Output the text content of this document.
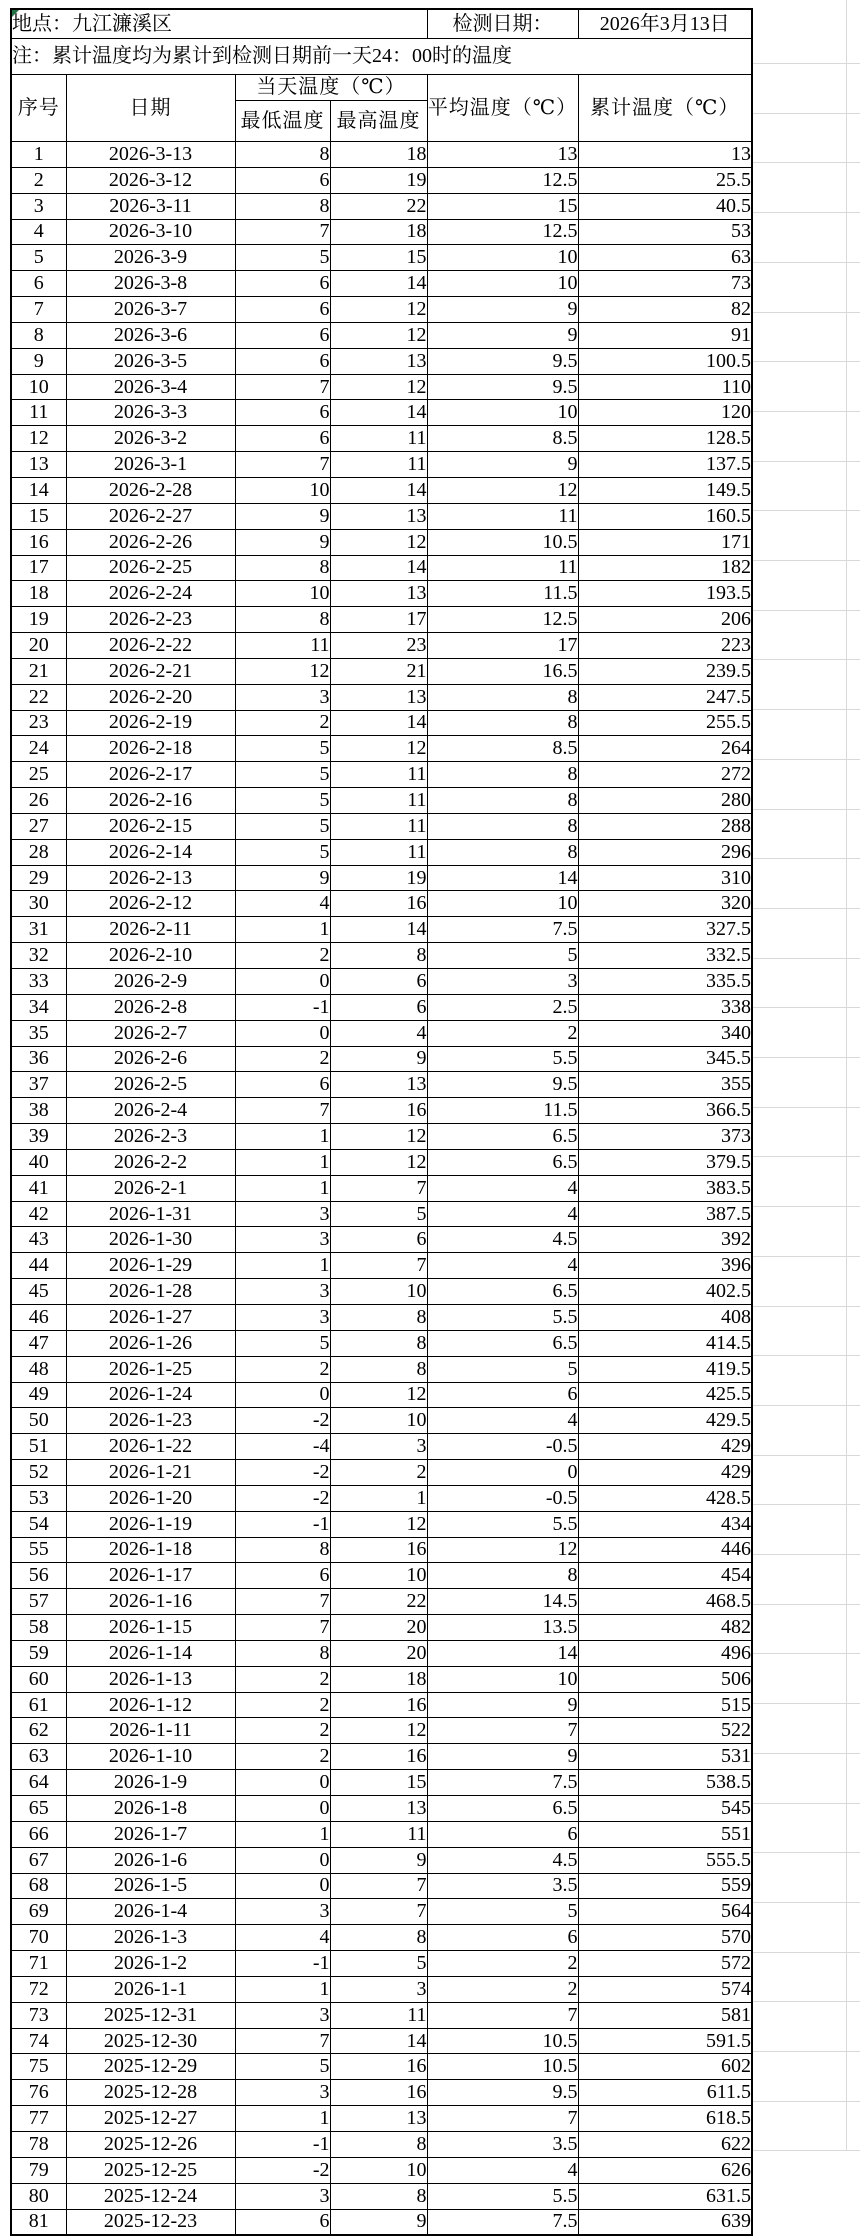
地点：九江濂溪区				检测日期：	2026年3月13日
注：累计温度均为累计到检测日期前一天24：00时的温度					
序号	日期	当天温度（℃）		平均温度（℃）	累计温度（℃）
		最低温度	最高温度		
1	2026-3-13	8	18	13	13
2	2026-3-12	6	19	12.5	25.5
3	2026-3-11	8	22	15	40.5
4	2026-3-10	7	18	12.5	53
5	2026-3-9	5	15	10	63
6	2026-3-8	6	14	10	73
7	2026-3-7	6	12	9	82
8	2026-3-6	6	12	9	91
9	2026-3-5	6	13	9.5	100.5
10	2026-3-4	7	12	9.5	110
11	2026-3-3	6	14	10	120
12	2026-3-2	6	11	8.5	128.5
13	2026-3-1	7	11	9	137.5
14	2026-2-28	10	14	12	149.5
15	2026-2-27	9	13	11	160.5
16	2026-2-26	9	12	10.5	171
17	2026-2-25	8	14	11	182
18	2026-2-24	10	13	11.5	193.5
19	2026-2-23	8	17	12.5	206
20	2026-2-22	11	23	17	223
21	2026-2-21	12	21	16.5	239.5
22	2026-2-20	3	13	8	247.5
23	2026-2-19	2	14	8	255.5
24	2026-2-18	5	12	8.5	264
25	2026-2-17	5	11	8	272
26	2026-2-16	5	11	8	280
27	2026-2-15	5	11	8	288
28	2026-2-14	5	11	8	296
29	2026-2-13	9	19	14	310
30	2026-2-12	4	16	10	320
31	2026-2-11	1	14	7.5	327.5
32	2026-2-10	2	8	5	332.5
33	2026-2-9	0	6	3	335.5
34	2026-2-8	-1	6	2.5	338
35	2026-2-7	0	4	2	340
36	2026-2-6	2	9	5.5	345.5
37	2026-2-5	6	13	9.5	355
38	2026-2-4	7	16	11.5	366.5
39	2026-2-3	1	12	6.5	373
40	2026-2-2	1	12	6.5	379.5
41	2026-2-1	1	7	4	383.5
42	2026-1-31	3	5	4	387.5
43	2026-1-30	3	6	4.5	392
44	2026-1-29	1	7	4	396
45	2026-1-28	3	10	6.5	402.5
46	2026-1-27	3	8	5.5	408
47	2026-1-26	5	8	6.5	414.5
48	2026-1-25	2	8	5	419.5
49	2026-1-24	0	12	6	425.5
50	2026-1-23	-2	10	4	429.5
51	2026-1-22	-4	3	-0.5	429
52	2026-1-21	-2	2	0	429
53	2026-1-20	-2	1	-0.5	428.5
54	2026-1-19	-1	12	5.5	434
55	2026-1-18	8	16	12	446
56	2026-1-17	6	10	8	454
57	2026-1-16	7	22	14.5	468.5
58	2026-1-15	7	20	13.5	482
59	2026-1-14	8	20	14	496
60	2026-1-13	2	18	10	506
61	2026-1-12	2	16	9	515
62	2026-1-11	2	12	7	522
63	2026-1-10	2	16	9	531
64	2026-1-9	0	15	7.5	538.5
65	2026-1-8	0	13	6.5	545
66	2026-1-7	1	11	6	551
67	2026-1-6	0	9	4.5	555.5
68	2026-1-5	0	7	3.5	559
69	2026-1-4	3	7	5	564
70	2026-1-3	4	8	6	570
71	2026-1-2	-1	5	2	572
72	2026-1-1	1	3	2	574
73	2025-12-31	3	11	7	581
74	2025-12-30	7	14	10.5	591.5
75	2025-12-29	5	16	10.5	602
76	2025-12-28	3	16	9.5	611.5
77	2025-12-27	1	13	7	618.5
78	2025-12-26	-1	8	3.5	622
79	2025-12-25	-2	10	4	626
80	2025-12-24	3	8	5.5	631.5
81	2025-12-23	6	9	7.5	639
